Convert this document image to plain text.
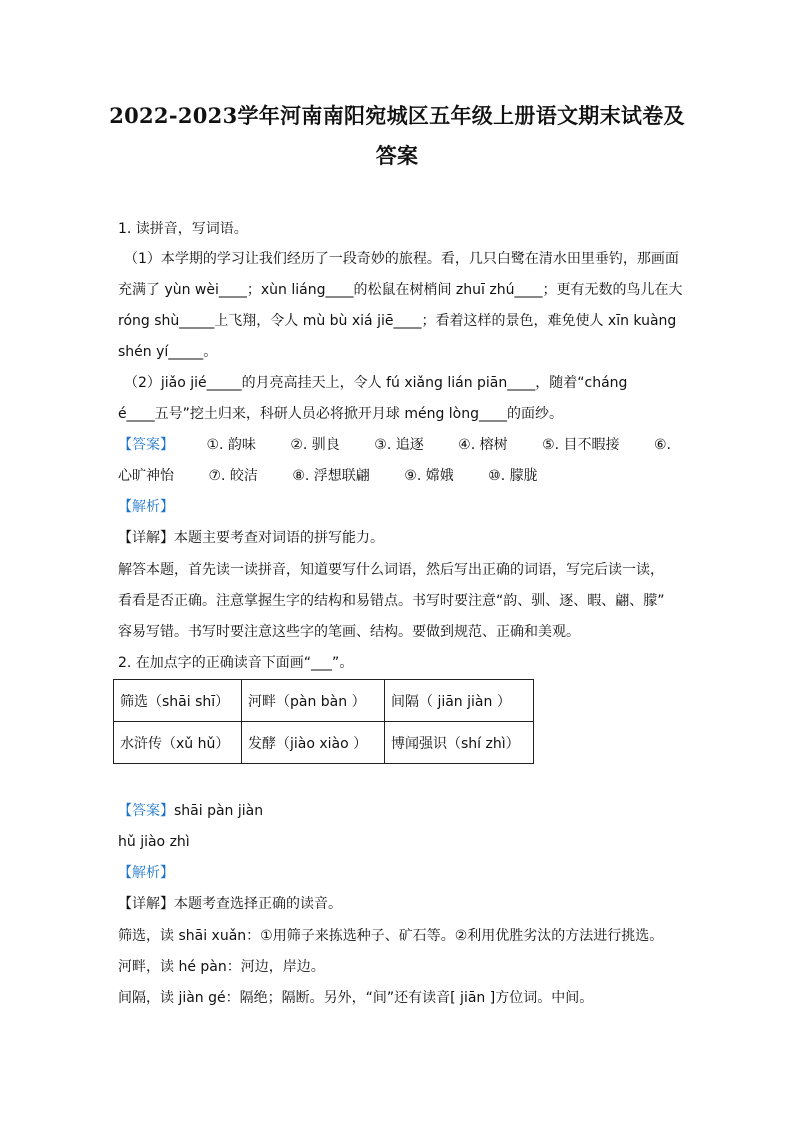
2022-2023学年河南南阳宛城区五年级上册语文期末试卷及
答案
1. 读拼音，写词语。
（1）本学期的学习让我们经历了一段奇妙的旅程。看，几只白鹭在清水田里垂钓，那画面
充满了 yùn wèi____；xùn liáng____的松鼠在树梢间 zhuī zhú____；更有无数的鸟儿在大
róng shù_____上飞翔，令人 mù bù xiá jiē____；看着这样的景色，难免使人 xīn kuàng
shén yí_____。
（2）jiǎo jié_____的月亮高挂天上，令人 fú xiǎng lián piān____，随着“cháng
é____五号”挖土归来，科研人员必将掀开月球 méng lòng____的面纱。
【答案】 ①. 韵味 ②. 驯良 ③. 追逐 ④. 榕树 ⑤. 目不暇接 ⑥.
心旷神怡 ⑦. 皎洁 ⑧. 浮想联翩 ⑨. 嫦娥 ⑩. 朦胧
【解析】
【详解】本题主要考查对词语的拼写能力。
解答本题，首先读一读拼音，知道要写什么词语，然后写出正确的词语，写完后读一读，
看看是否正确。注意掌握生字的结构和易错点。书写时要注意“韵、驯、逐、暇、翩、朦”
容易写错。书写时要注意这些字的笔画、结构。要做到规范、正确和美观。
2. 在加点字的正确读音下面画“___”。
筛选（shāi shī）	河畔（pàn bàn ）	间隔（ jiān jiàn ）
水浒传（xǔ hǔ）	发酵（jiào xiào ）	博闻强识（shí zhì）
【答案】shāi pàn jiàn
hǔ jiào zhì
【解析】
【详解】本题考查选择正确的读音。
筛选，读 shāi xuǎn：①用筛子来拣选种子、矿石等。②利用优胜劣汰的方法进行挑选。
河畔，读 hé pàn：河边，岸边。
间隔，读 jiàn gé：隔绝；隔断。另外，“间”还有读音[ jiān ]方位词。中间。
